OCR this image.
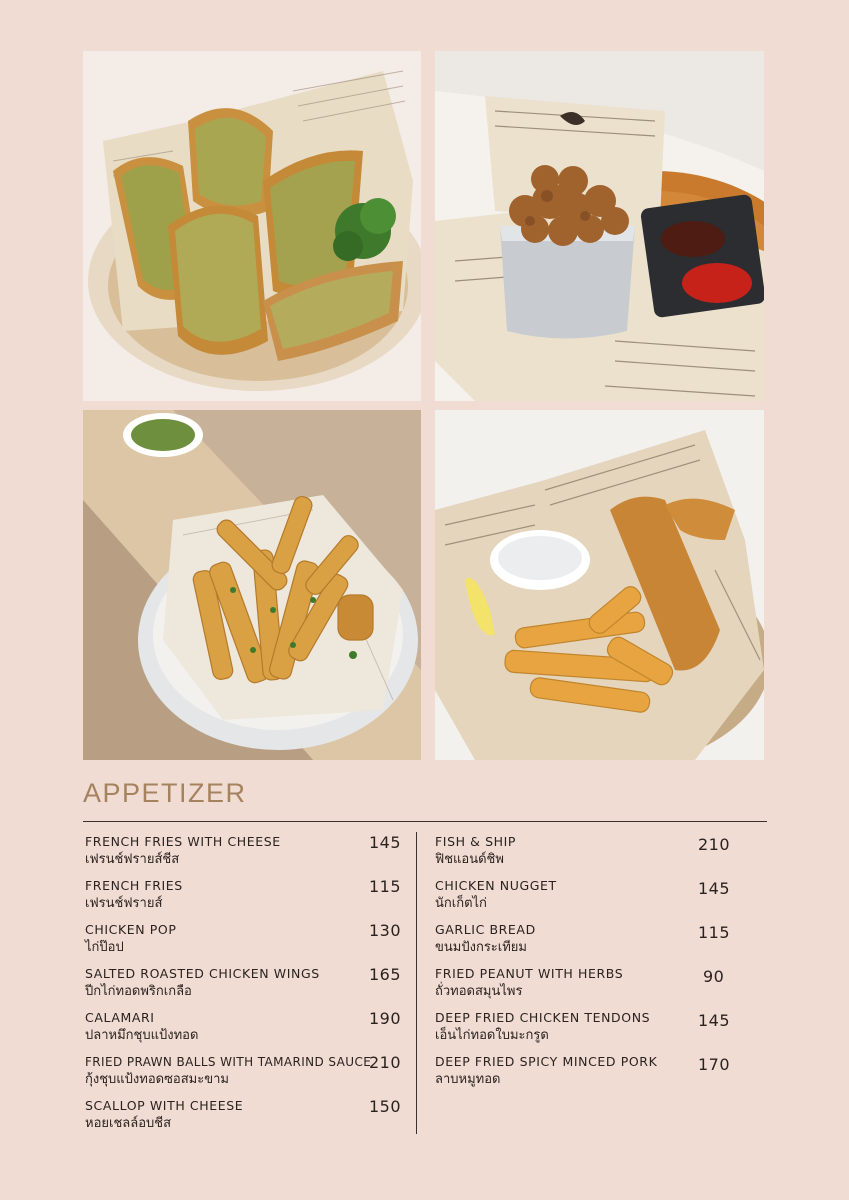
APPETIZER
FRENCH FRIES WITH CHEESE
เฟรนช์ฟรายส์ชีส
145
FRENCH FRIES
เฟรนช์ฟรายส์
115
CHICKEN POP
ไก่ป๊อป
130
SALTED ROASTED CHICKEN WINGS
ปีกไก่ทอดพริกเกลือ
165
CALAMARI
ปลาหมึกชุบแป้งทอด
190
FRIED PRAWN BALLS WITH TAMARIND SAUCE
กุ้งชุบแป้งทอดซอสมะขาม
210
SCALLOP WITH CHEESE
หอยเชลล์อบชีส
150
FISH & SHIP
ฟิชแอนด์ชิพ
210
CHICKEN NUGGET
นักเก็ตไก่
145
GARLIC BREAD
ขนมปังกระเทียม
115
FRIED PEANUT WITH HERBS
ถั่วทอดสมุนไพร
90
DEEP FRIED CHICKEN TENDONS
เอ็นไก่ทอดใบมะกรูด
145
DEEP FRIED SPICY MINCED PORK
ลาบหมูทอด
170
